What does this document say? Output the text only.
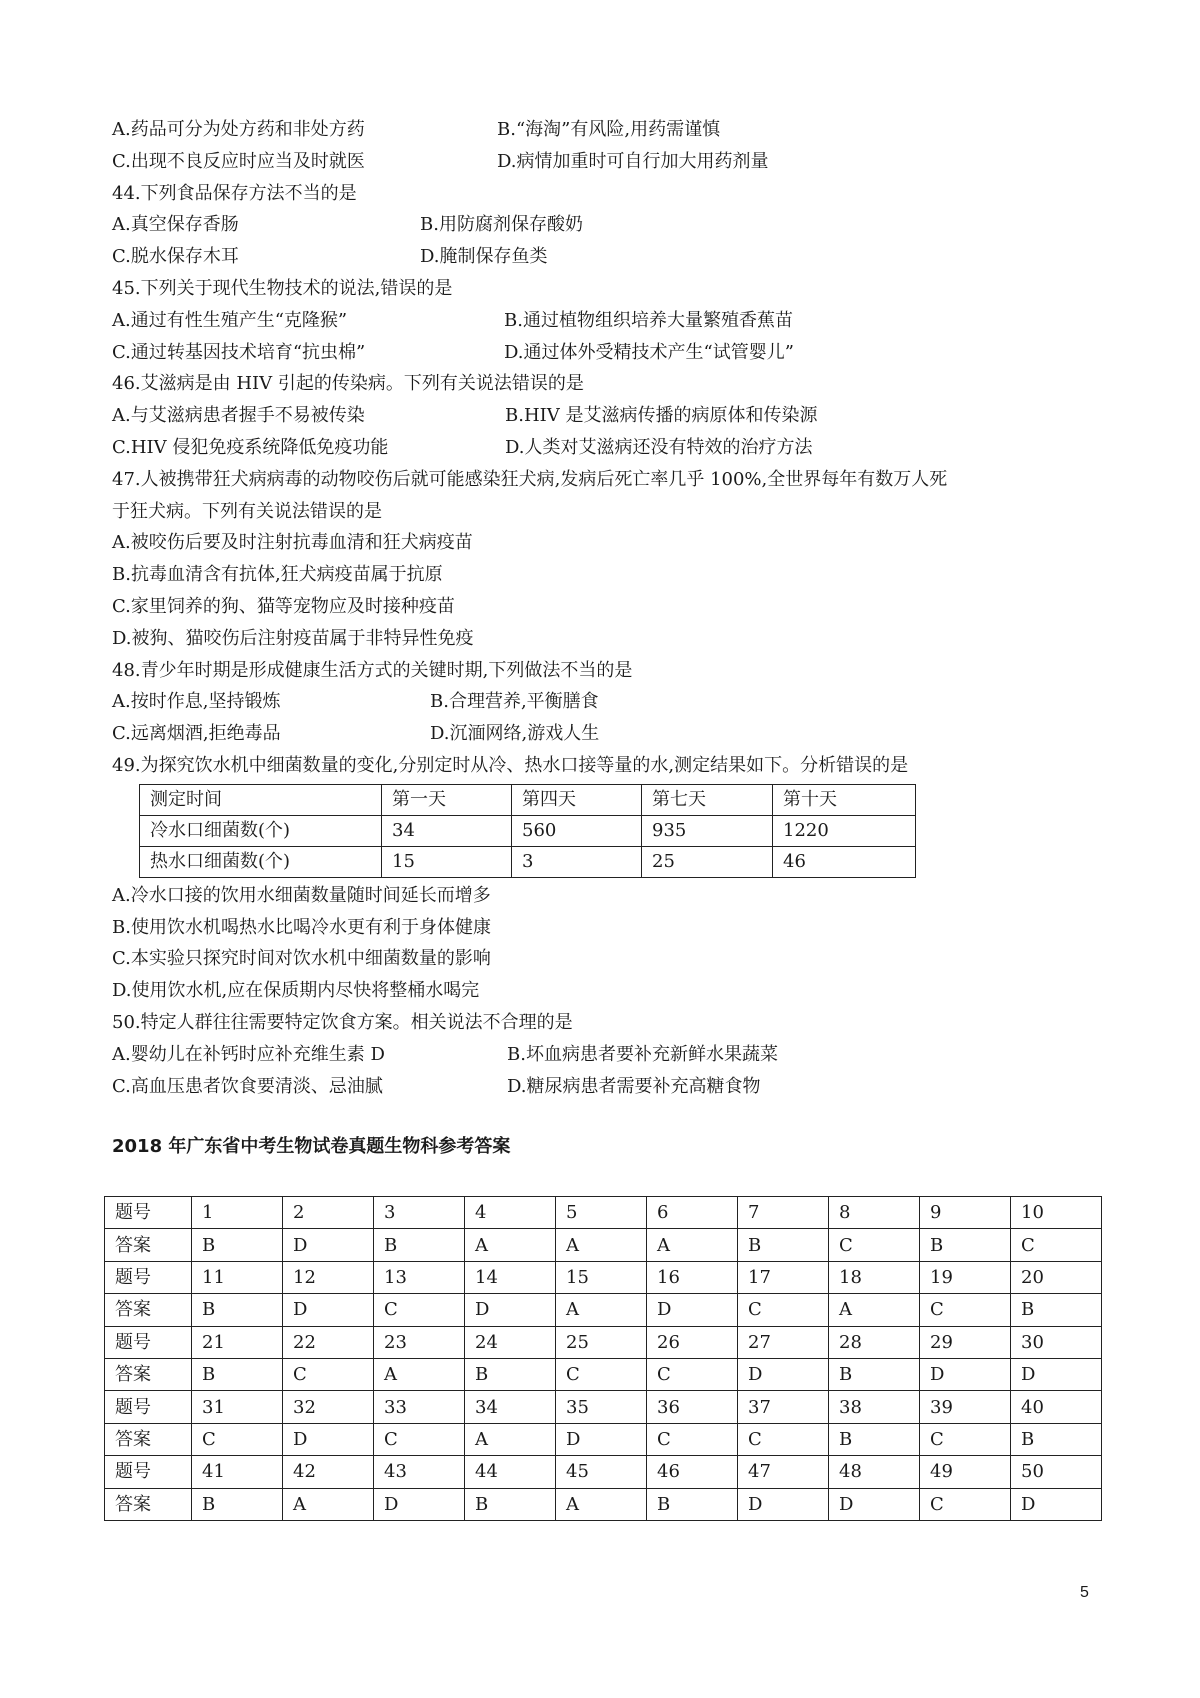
A.药品可分为处方药和非处方药	B.“海淘”有风险,用药需谨慎
C.出现不良反应时应当及时就医	D.病情加重时可自行加大用药剂量
44.下列食品保存方法不当的是
A.真空保存香肠	B.用防腐剂保存酸奶
C.脱水保存木耳	D.腌制保存鱼类
45.下列关于现代生物技术的说法,错误的是
A.通过有性生殖产生“克隆猴”	B.通过植物组织培养大量繁殖香蕉苗
C.通过转基因技术培育“抗虫棉”	D.通过体外受精技术产生“试管婴儿”
46.艾滋病是由 HIV 引起的传染病。下列有关说法错误的是
A.与艾滋病患者握手不易被传染	B.HIV 是艾滋病传播的病原体和传染源
C.HIV 侵犯免疫系统降低免疫功能	D.人类对艾滋病还没有特效的治疗方法
47.人被携带狂犬病病毒的动物咬伤后就可能感染狂犬病,发病后死亡率几乎 100%,全世界每年有数万人死
于狂犬病。下列有关说法错误的是
A.被咬伤后要及时注射抗毒血清和狂犬病疫苗
B.抗毒血清含有抗体,狂犬病疫苗属于抗原
C.家里饲养的狗、猫等宠物应及时接种疫苗
D.被狗、猫咬伤后注射疫苗属于非特异性免疫
48.青少年时期是形成健康生活方式的关键时期,下列做法不当的是
A.按时作息,坚持锻炼	B.合理营养,平衡膳食
C.远离烟酒,拒绝毒品	D.沉湎网络,游戏人生
49.为探究饮水机中细菌数量的变化,分别定时从冷、热水口接等量的水,测定结果如下。分析错误的是
测定时间	第一天	第四天	第七天	第十天
冷水口细菌数(个)	34	560	935	1220
热水口细菌数(个)	15	3	25	46
A.冷水口接的饮用水细菌数量随时间延长而增多
B.使用饮水机喝热水比喝冷水更有利于身体健康
C.本实验只探究时间对饮水机中细菌数量的影响
D.使用饮水机,应在保质期内尽快将整桶水喝完
50.特定人群往往需要特定饮食方案。相关说法不合理的是
A.婴幼儿在补钙时应补充维生素 D	B.坏血病患者要补充新鲜水果蔬菜
C.高血压患者饮食要清淡、忌油腻	D.糖尿病患者需要补充高糖食物
2018 年广东省中考生物试卷真题生物科参考答案
题号	1	2	3	4	5	6	7	8	9	10
答案	B	D	B	A	A	A	B	C	B	C
题号	11	12	13	14	15	16	17	18	19	20
答案	B	D	C	D	A	D	C	A	C	B
题号	21	22	23	24	25	26	27	28	29	30
答案	B	C	A	B	C	C	D	B	D	D
题号	31	32	33	34	35	36	37	38	39	40
答案	C	D	C	A	D	C	C	B	C	B
题号	41	42	43	44	45	46	47	48	49	50
答案	B	A	D	B	A	B	D	D	C	D
5
